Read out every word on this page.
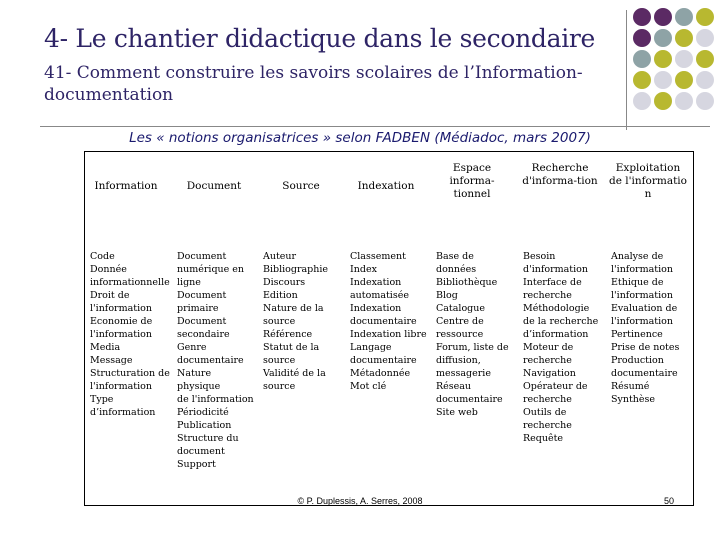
4- Le chantier didactique dans le secondaire
41- Comment construire les savoirs scolaires de l’Information-documentation
Les « notions organisatrices » selon FADBEN (Médiadoc, mars 2007)
Information
Code
Donnée
informationnelle
Droit de
l'information
Economie de
l'information
Media
Message
Structuration de
l'information
Type
d’information
Document
Document
numérique en
ligne
Document
primaire
Document
secondaire
Genre
documentaire
Nature physique
de l'information
Périodicité
Publication
Structure du
document
Support
Source
Auteur
Bibliographie
Discours
Edition
Nature de la
source
Référence
Statut de la
source
Validité de la
source
Indexation
Classement
Index
Indexation
automatisée
Indexation
documentaire
Indexation libre
Langage
documentaire
Métadonnée
Mot clé
Espace informa-tionnel
Base de
données
Bibliothèque
Blog
Catalogue
Centre de
ressource
Forum, liste de
diffusion,
messagerie
Réseau
documentaire
Site web
Recherche d'informa-tion
Besoin
d'information
Interface de
recherche
Méthodologie
de la recherche
d’information
Moteur de
recherche
Navigation
Opérateur de
recherche
Outils de
recherche
Requête
Exploitation de l'informatio n
Analyse de
l'information
Ethique de
l'information
Evaluation de
l'information
Pertinence
Prise de notes
Production
documentaire
Résumé
Synthèse
© P. Duplessis, A. Serres, 2008	50
